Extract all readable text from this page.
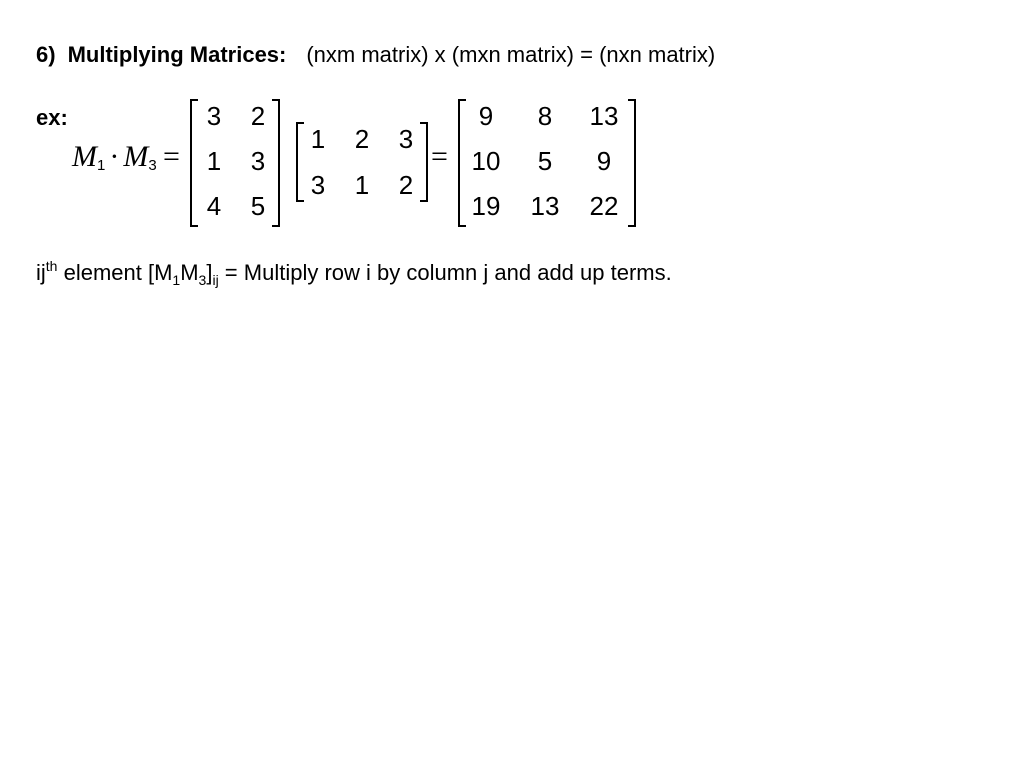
6) Multiplying Matrices: (nxm matrix) x (mxn matrix) = (nxn matrix)
ex:
$M_1 \cdot M_3$ =
3	2
1	3
4	5
1	2	3
3	1	2
=
9	8	13
10	5	9
19 13 22
$ij^{th}$ element $[M_1M_3]_{ij}$ = Multiply row i by column j and add up terms.
